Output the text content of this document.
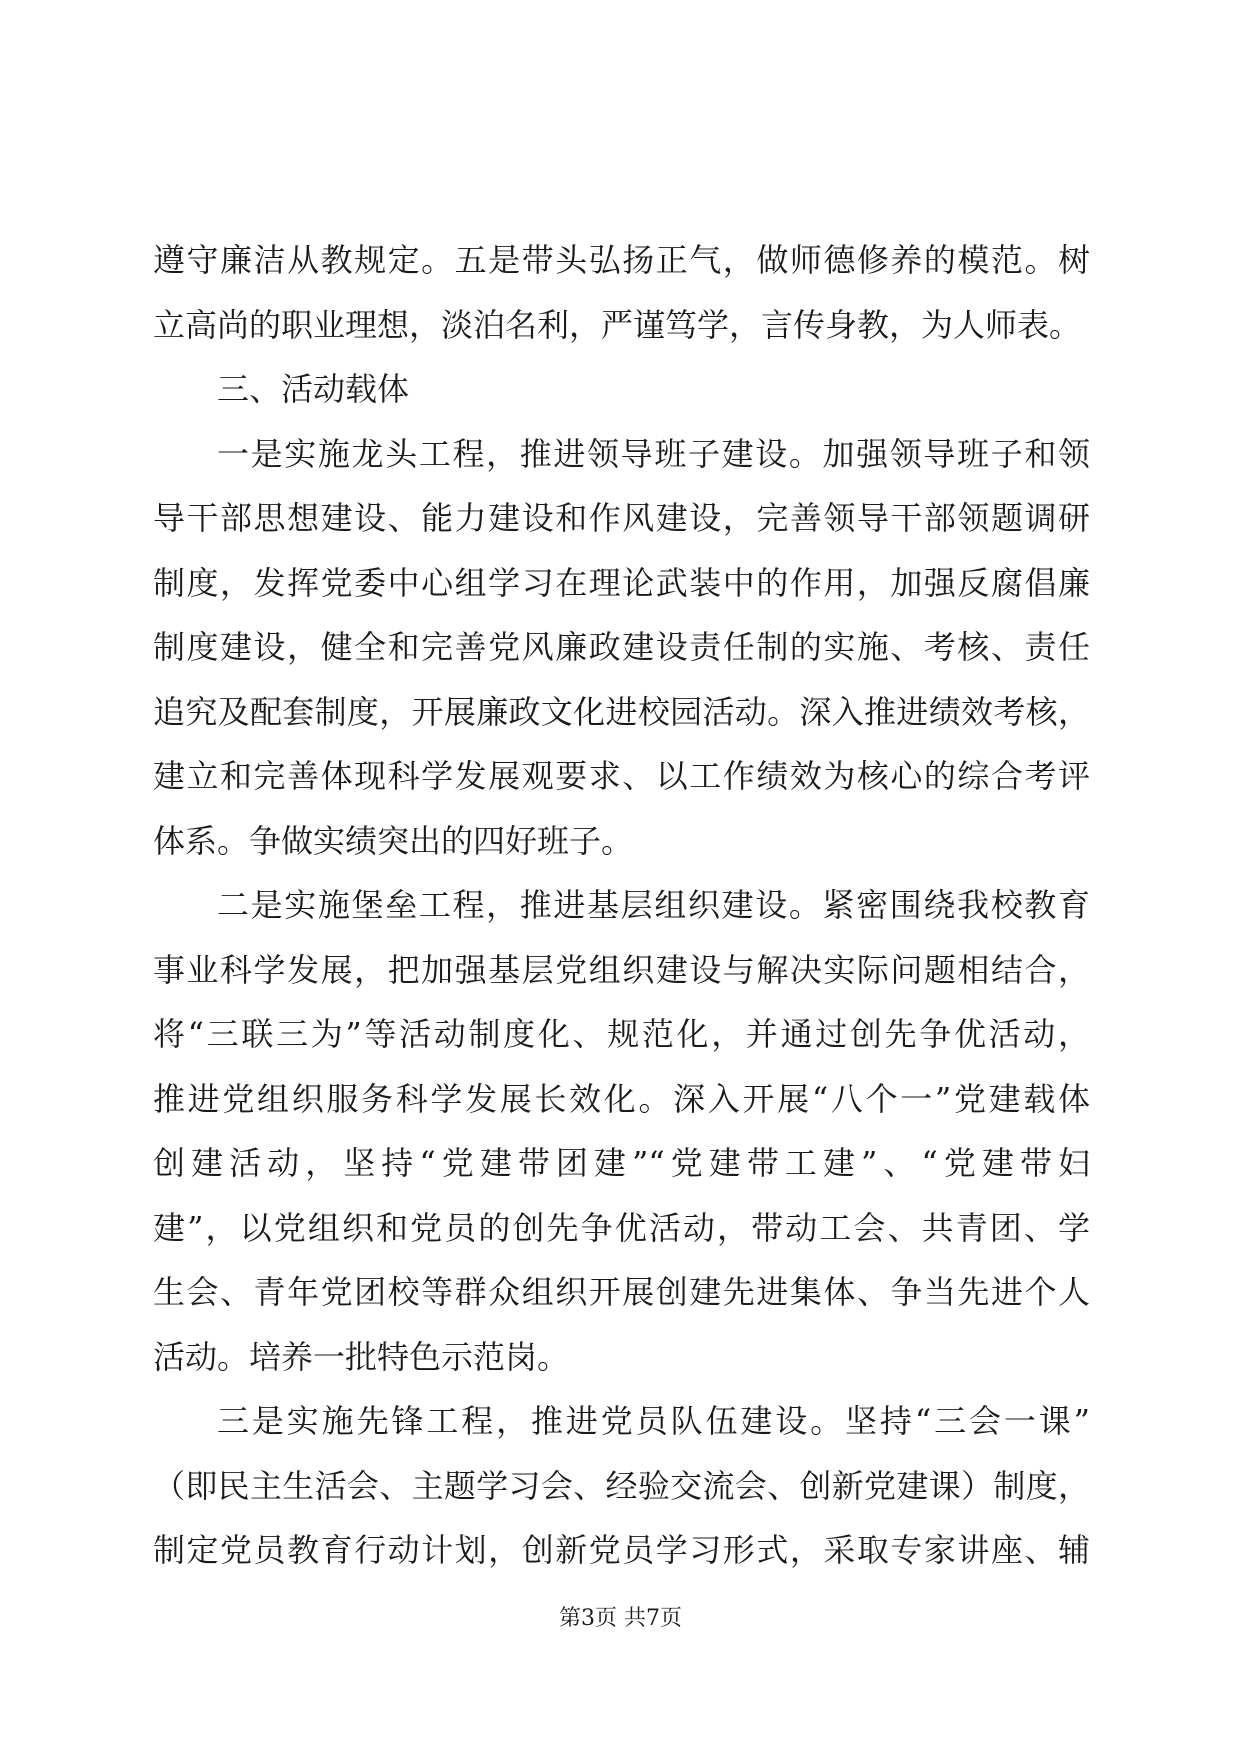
遵守廉洁从教规定。五是带头弘扬正气，做师德修养的模范。树
立高尚的职业理想，淡泊名利，严谨笃学，言传身教，为人师表。
三、活动载体
一是实施龙头工程，推进领导班子建设。加强领导班子和领
导干部思想建设、能力建设和作风建设，完善领导干部领题调研
制度，发挥党委中心组学习在理论武装中的作用，加强反腐倡廉
制度建设，健全和完善党风廉政建设责任制的实施、考核、责任
追究及配套制度，开展廉政文化进校园活动。深入推进绩效考核，
建立和完善体现科学发展观要求、以工作绩效为核心的综合考评
体系。争做实绩突出的四好班子。
二是实施堡垒工程，推进基层组织建设。紧密围绕我校教育
事业科学发展，把加强基层党组织建设与解决实际问题相结合，
将“三联三为”等活动制度化、规范化，并通过创先争优活动，
推进党组织服务科学发展长效化。深入开展“八个一”党建载体
创建活动，坚持“党建带团建”“党建带工建”、“党建带妇
建”，以党组织和党员的创先争优活动，带动工会、共青团、学
生会、青年党团校等群众组织开展创建先进集体、争当先进个人
活动。培养一批特色示范岗。
三是实施先锋工程，推进党员队伍建设。坚持“三会一课”
（即民主生活会、主题学习会、经验交流会、创新党建课）制度，
制定党员教育行动计划，创新党员学习形式，采取专家讲座、辅
第3页 共7页
